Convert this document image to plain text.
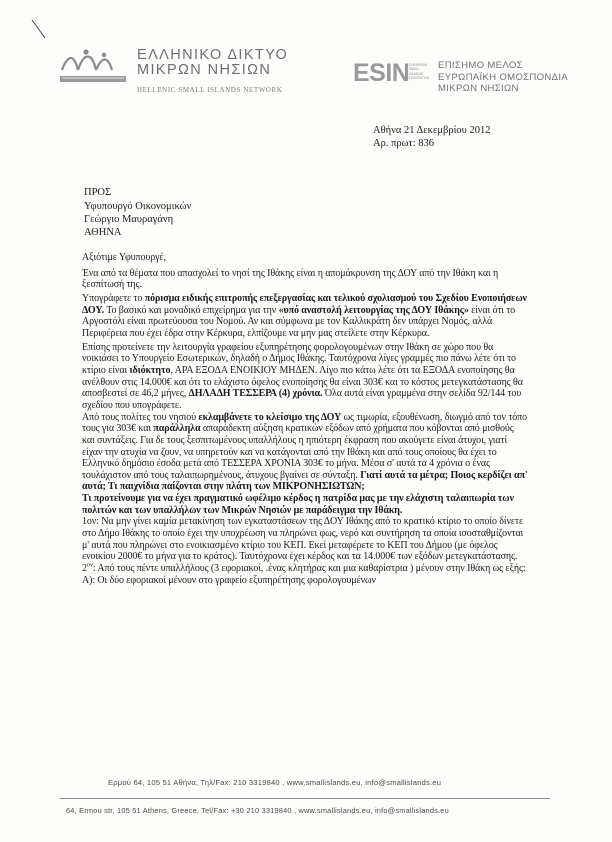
ΕΛΛΗΝΙΚΟ ΔΙΚΤΥΟ
ΜΙΚΡΩΝ ΝΗΣΙΩΝ
HELLENIC SMALL ISLANDS NETWORK
ESIN EUROPEAN
SMALL
ISLANDS
FEDERATION
ΕΠΙΣΗΜΟ ΜΕΛΟΣ
ΕΥΡΩΠΑΪΚΗ ΟΜΟΣΠΟΝΔΙΑ
ΜΙΚΡΩΝ ΝΗΣΙΩΝ
Αθήνα 21 Δεκεμβρίου 2012
Αρ. πρωτ: 836
ΠΡΟΣ
Υφυπουργό Οικονομικών
Γεώργιο Μαυραγάνη
ΑΘΗΝΑ

Αξιότιμε Υφυπουργέ,

Ένα από τα θέματα που απασχολεί το νησί της Ιθάκης είναι η απομάκρυνση της ΔΟΥ από την Ιθάκη και η ξεσπίτωσή της.

Υπογράφετε το πόρισμα ειδικής επιτροπής επεξεργασίας και τελικού σχολιασμού του Σχεδίου Ενοποιήσεων ΔΟΥ. Το βασικό και μοναδικό επιχείρημα για την «υπό αναστολή λειτουργίας της ΔΟΥ Ιθάκης» είναι ότι το Αργοστόλι είναι πρωτεύουσα του Νομού. Αν και σύμφωνα με τον Καλλικράτη δεν υπάρχει Νομός, αλλά Περιφέρεια που έχει έδρα στην Κέρκυρα, ελπίζουμε να μην μας στείλετε στην Κέρκυρα.

Επίσης προτείνετε την λειτουργία γραφείου εξυπηρέτησης φορολογουμένων στην Ιθάκη σε χώρο που θα νοικιάσει το Υπουργείο Εσωτερικών, δηλαδή ο Δήμος Ιθάκης. Ταυτόχρονα λίγες γραμμές πιο πάνω λέτε ότι το κτίριο είναι ιδιόκτητο, ΑΡΑ ΕΞΟΔΑ ΕΝΟΙΚΙΟΥ ΜΗΔΕΝ. Λίγο πιο κάτω λέτε ότι τα ΕΞΟΔΑ ενοποίησης θα ανέλθουν στις 14.000€ και ότι το ελάχιστο όφελος ενοποίησης θα είναι 303€ και το κόστος μετεγκατάστασης θα αποσβεστεί σε 46,2 μήνες, ΔΗΛΑΔΗ ΤΕΣΣΕΡΑ (4) χρόνια. Όλα αυτά είναι γραμμένα στην σελίδα 92/144 του σχεδίου που υπογράφετε.

Από τους πολίτες του νησιού εκλαμβάνετε το κλείσιμο της ΔΟΥ ως τιμωρία, εξουθένωση, διωγμό από τον τόπο τους για 303€ και παράλληλα απαράδεκτη αύξηση κρατικών εξόδων από χρήματα που κόβονται από μισθούς και συντάξεις. Για δε τους ξεσπιτωμένους υπαλλήλους η ηπιότερη έκφραση που ακούγετε είναι άτυχοι, γιατί είχαν την ατυχία να ζουν, να υπηρετούν και να κατάγονται από την Ιθάκη και από τους οποίους θα έχει το Ελληνικό δημόσιο έσοδα μετά από ΤΕΣΣΕΡΑ ΧΡΟΝΙΑ 303€ το μήνα. Μέσα σ' αυτά τα 4 χρόνια ο ένας τουλάχιστον από τους ταλαιπωρημένους, άτυχους βγαίνει σε σύνταξη. Γιατί αυτά τα μέτρα; Ποιος κερδίζει απ' αυτά; Τι παιχνίδια παίζονται στην πλάτη των ΜΙΚΡΟΝΗΣΙΩΤΩΝ;

Τι προτείνουμε για να έχει πραγματικό ωφέλιμο κέρδος η πατρίδα μας με την ελάχιστη ταλαιπωρία των πολιτών και των υπαλλήλων των Μικρών Νησιών με παράδειγμα την Ιθάκη.

1ον: Να μην γίνει καμία μετακίνηση των εγκαταστάσεων της ΔΟΥ Ιθάκης από το κρατικό κτίριο το οποίο δίνετε στο Δήμο Ιθάκης το οποίο έχει την υποχρέωση να πληρώνει φως, νερό και συντήρηση τα οποία ισοσταθμίζονται μ' αυτά που πληρώνει στο ενοικιασμένο κτίριο του ΚΕΠ. Εκεί μεταφέρετε το ΚΕΠ του Δήμου (με όφελος ενοικίου 2000€ το μήνα για το κράτος). Ταυτόχρονα έχει κέρδος και τα 14.000€ των εξόδων μετεγκατάστασης.

$2^{o\nu}$: Από τους πέντε υπαλλήλους (3 εφοριακοί, .ένας κλητήρας και μια καθαρίστρια ) μένουν στην Ιθάκη ως εξής:

Α): Οι δύο εφοριακοί μένουν στο γραφείο εξυπηρέτησης φορολογουμένων

Ερμού 64, 105 51 Αθήνα, Τηλ/Fax: 210 3319840 , www.smallislands.eu, info@smallislands.eu
64, Ermou str, 105 51 Athens, Greece, Tel/Fax: +30 210 3319840 , www.smallislands.eu, info@smallislands.eu
